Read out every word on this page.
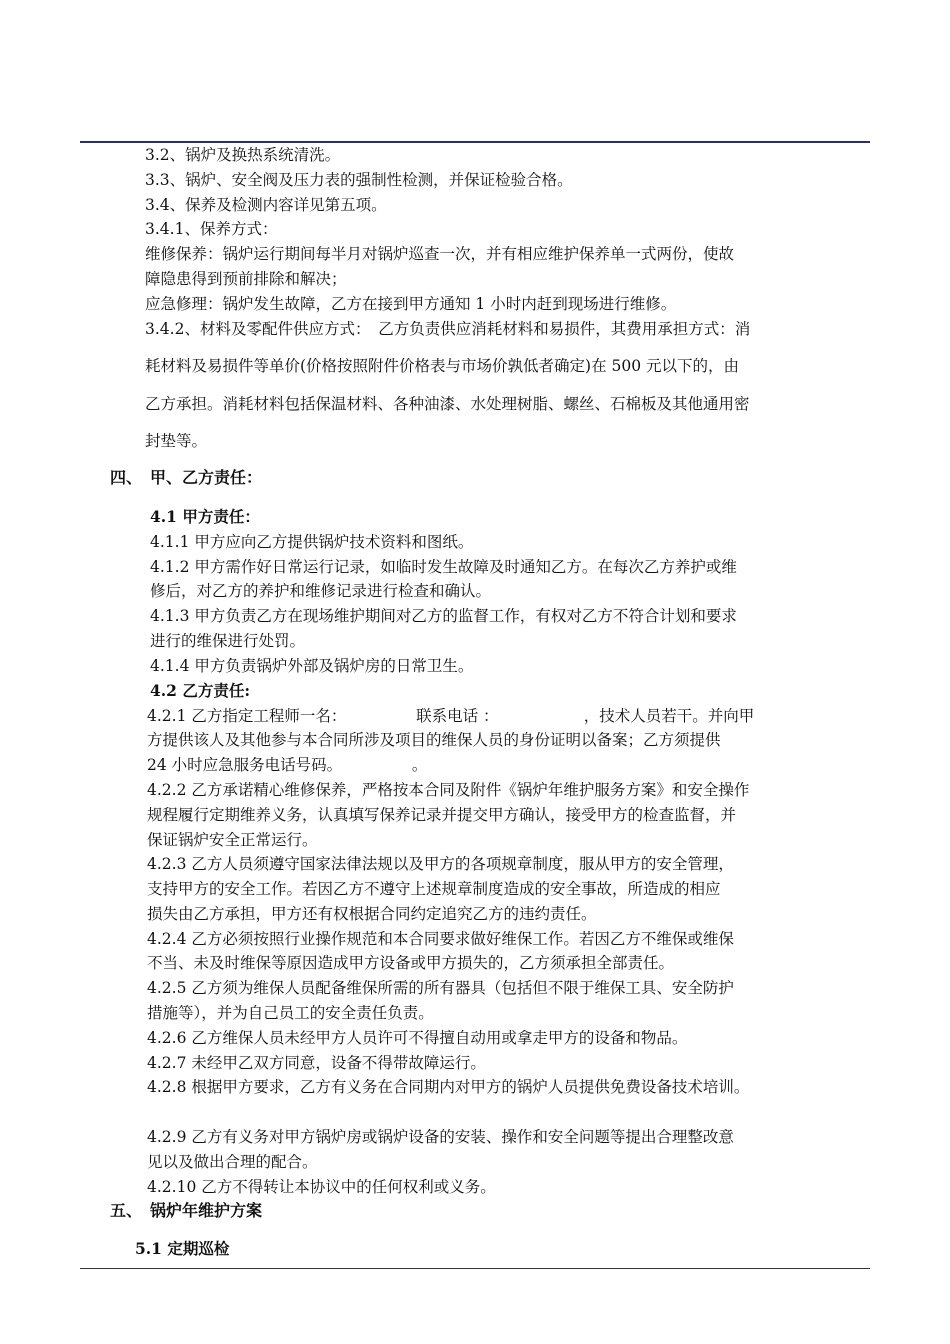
3.2、锅炉及换热系统清洗。
3.3、锅炉、安全阀及压力表的强制性检测，并保证检验合格。
3.4、保养及检测内容详见第五项。
3.4.1、保养方式：
维修保养：锅炉运行期间每半月对锅炉巡查一次，并有相应维护保养单一式两份，使故
障隐患得到预前排除和解决；
应急修理：锅炉发生故障，乙方在接到甲方通知 1 小时内赶到现场进行维修。
3.4.2、材料及零配件供应方式：　乙方负责供应消耗材料和易损件，其费用承担方式：消
耗材料及易损件等单价(价格按照附件价格表与市场价孰低者确定)在 500 元以下的，由
乙方承担。消耗材料包括保温材料、各种油漆、水处理树脂、螺丝、石棉板及其他通用密
封垫等。
四、　甲、乙方责任：
4.1 甲方责任：
4.1.1 甲方应向乙方提供锅炉技术资料和图纸。
4.1.2 甲方需作好日常运行记录，如临时发生故障及时通知乙方。在每次乙方养护或维
修后，对乙方的养护和维修记录进行检查和确认。
4.1.3 甲方负责乙方在现场维护期间对乙方的监督工作，有权对乙方不符合计划和要求
进行的维保进行处罚。
4.1.4 甲方负责锅炉外部及锅炉房的日常卫生。
4.2 乙方责任:
4.2.1 乙方指定工程师一名：　　　　　联系电话 ：　　　　　　，技术人员若干。并向甲
方提供该人及其他参与本合同所涉及项目的维保人员的身份证明以备案；乙方须提供
24 小时应急服务电话号码。　　　　　。
4.2.2 乙方承诺精心维修保养，严格按本合同及附件《锅炉年维护服务方案》和安全操作
规程履行定期维养义务，认真填写保养记录并提交甲方确认，接受甲方的检查监督，并
保证锅炉安全正常运行。
4.2.3 乙方人员须遵守国家法律法规以及甲方的各项规章制度，服从甲方的安全管理，
支持甲方的安全工作。若因乙方不遵守上述规章制度造成的安全事故，所造成的相应
损失由乙方承担，甲方还有权根据合同约定追究乙方的违约责任。
4.2.4 乙方必须按照行业操作规范和本合同要求做好维保工作。若因乙方不维保或维保
不当、未及时维保等原因造成甲方设备或甲方损失的，乙方须承担全部责任。
4.2.5 乙方须为维保人员配备维保所需的所有器具（包括但不限于维保工具、安全防护
措施等），并为自己员工的安全责任负责。
4.2.6 乙方维保人员未经甲方人员许可不得擅自动用或拿走甲方的设备和物品。
4.2.7 未经甲乙双方同意，设备不得带故障运行。
4.2.8 根据甲方要求，乙方有义务在合同期内对甲方的锅炉人员提供免费设备技术培训。
4.2.9 乙方有义务对甲方锅炉房或锅炉设备的安装、操作和安全问题等提出合理整改意
见以及做出合理的配合。
4.2.10 乙方不得转让本协议中的任何权利或义务。
五、　锅炉年维护方案
5.1 定期巡检
